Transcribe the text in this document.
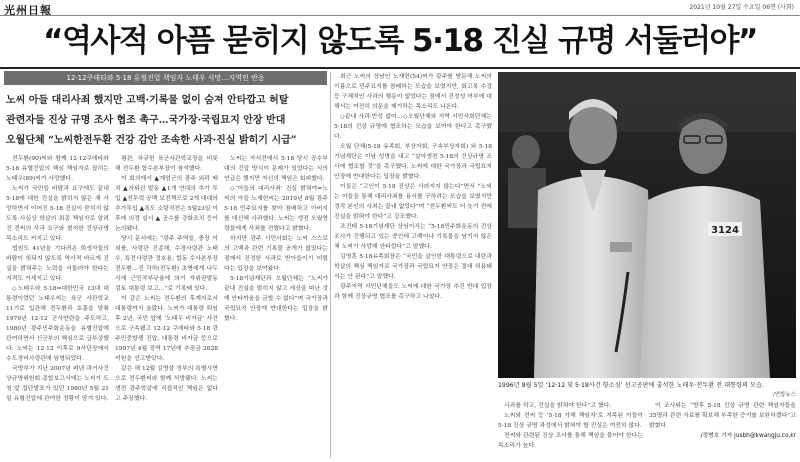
光州日報	2021년 10월 27일 수요일 06면 (사회)
“역사적 아픔 묻히지 않도록 5·18 진실 규명 서둘러야”
12·12쿠데타와 5·18 유혈진압 책임자 노태우 사망…지역민 반응
노씨 아들 대리사죄 했지만 고백·기록물 없이 숨져 안타깝고 허탈
관련자들 진상 규명 조사 협조 촉구…국가장·국립묘지 안장 반대
오월단체 “노씨한전두환 건강 감안 조속한 사과·진실 밝히기 시급”

전두환(90)씨와 함께 12·12쿠데타와 5·18 유혈진압의 핵심 책임자로 꼽히는 노태우(89)씨가 사망했다.

노씨가 국민들 바람과 요구에도 끝내 5·18에 대한 진실을 밝히지 않은 채 사망하면서 이어진 5·18 진실이 묻히지 않도록 사실상 학살의 최종 책임자로 알려진 전씨의 사과 요구와 철저한 진상규명 목소리도 커지고 있다.

법원도 41년을 기다려온 희생자들의 바람이 헛되지 않도록 역사적 바르게 진실을 밝혀주는 노력을 서둘러야 한다는 지적도 거세지고 있다.

◇노태우와 5·18=대한민국 13대 대통령이었던 노태우씨는 육군 사관학교 11기로 입관해 전두환과 호흡을 맞춰 1979년 12·12 군사반란을 주도하고, 1980년 광주민주화운동을 유혈진압에 관여하면서 신군부의 핵심으로 급부상했다. 노씨는 12·12 이후로 9사단장에서 수도경비사령관에 임명되었다.

국방부가 지난 2007년 펴낸 과거사진상규명위원회 종합보고서에는 노씨가 도청 앞 집단발포가 있던 1980년 5월 21일 유혈진압에 관여한 정황이 담겨 있다.

평관, 차규헌 육군사관학교장을 비롯해 전두환 합수본부장이 참석했다.

이 회의에서 ▲계엄군의 광주 외곽 배치 ▲자위권 발동 ▲1개 연대의 추가 투입 ▲전투력 공백 보전책으로 2개 대대의 추가투입 ▲폭도 소탕작전은 5월23일 이후에 의정 실시 ▲ 공수를 강화조치 등이 논의됐다.

당시 문서에는 “광주 주역들, 충장 이외를, 사령관 진종채, 수경사령관 노태우, 특전사령관 정호용, 합동 수사본부장 전두환…전 각하(전두환) 초병에게 나두 시에 근민작부규율에 의거 자위권발동 검토 대통령 보고…”로 기록돼 있다.

이 같은 노씨는 전두환의 후계자로서 대통령까지 올랐다. 노씨가 대통령 퇴임 후 2년, 국민 앞에 ‘노태우 비자금’ 사건으로 구속됐고 12·12 쿠데타와 5·18 광주민중항쟁 진압, 대통령 비자금 등으로 1997년 4월 징역 17년에 추징금 2628억원을 선고받았다.

같은 해 12월 김영삼 정부의 특별사면으로 전두환씨와 함께 석방됐다. 노씨는 생전 광주학살에 직접적인 책임은 없다고 주장했다.

노씨는 자서전에서 5·18 당시 공수부대의 진압 방식이 문제가 있었다는 식의 언급은 했지만 자신의 책임은 회피했다.

◇‘아들의 대리사죄’ 진실 밝혀야=노씨의 아들 노재헌씨는 2019년 8월 광주 5·18 민주묘지를 찾아 참배하고 아버지를 대신해 사과했다. 노씨는 생전 오월영령들에게 사죄를 전했다고 밝혔다.

하지만 광주 시민사회는 노씨 스스로의 고백과 관련 기록물 공개가 없었다는 점에서 진정한 사과로 받아들이기 어렵다는 입장을 보여왔다.

5·18기념재단과 오월단체는 “노씨가 끝내 진실을 밝히지 않고 세상을 떠난 것에 안타까움을 금할 수 없다”며 국가장과 국립묘지 안장에 반대한다는 입장을 밝혔다.

최근 노씨의 장남인 노재헌(54)씨가 광주를 방문해 노씨의 이름으로 민주묘지를 참배하는 모습을 보였지만, 회고록 수정 등 구체적인 사과의 행동이 없었다는 점에서 진정성 여부에 대해서는 여전히 의문을 제기하는 목소리도 나온다.

◇끝내 사과·반성 없어…◇오월단체와 지역 시민사회단체는 5·18의 진상 규명에 협조하는 모습을 보여야 한다고 촉구했다.

오월 단체(5·18 유족회, 부상자회, 구속부상자회) 와 5·18기념재단은 이날 성명을 내고 “살아생전 5·18의 진상규명 조사에 협조할 것”을 촉구했다. 노씨에 대한 국가장과 국립묘지 안장에 반대한다는 입장을 밝혔다.

이들은 “고인이 5·18 진상은 사라지지 않는다”면서 “노씨는 아들을 통해 대리사죄를 용서를 구하려는 모습을 보였지만 정작 본인의 사죄는 끝내 없었다”며 “전두환씨도 더 늦기 전에 진실을 밝혀야 한다”고 강조했다.

조진태 5·18기념재단 상임이사는 “5·18민주화운동의 진상조사가 진행되고 있는 중인데 고백이나 기록물을 남기지 않은 채 노씨가 사망해 안타깝다”고 말했다.

김영훈 5·18유족회장은 “국민을 살인한 대통령으로 내란과 학살의 핵심 책임자로 국가장과 국립묘지 안장은 절대 허용돼서는 안 된다”고 말했다.

광주지역 시민단체들도 노씨에 대한 국가장 추진 반대 입장과 함께 진상규명 협조를 촉구하고 나섰다.

3124
1996년 8월 5일 ‘12·12 및 5·18사건 항소심’ 선고공판에 출석한 노태우·전두환 전 대통령의 모습.
/연합뉴스

사과를 하고, 진실을 밝혀야 한다”고 했다.

노씨와 전씨 등 ‘5·18 가해 책임자’로 지목된 이들이 5·18 진상 규명 과정에서 밝혀야 할 진실은 여전히 많다.

전씨와 관련된 진상 조사를 통해 책임을 물어야 한다는 목소리가 높다.

이 조사위는 “향후 5·18 진상 규명 관련 책임자들을 35명과 관련 자료를 확보해 부족한 증거를 보완하겠다”고 밝혔다.

/정병호 기자 jusbh@kwangju.co.kr
